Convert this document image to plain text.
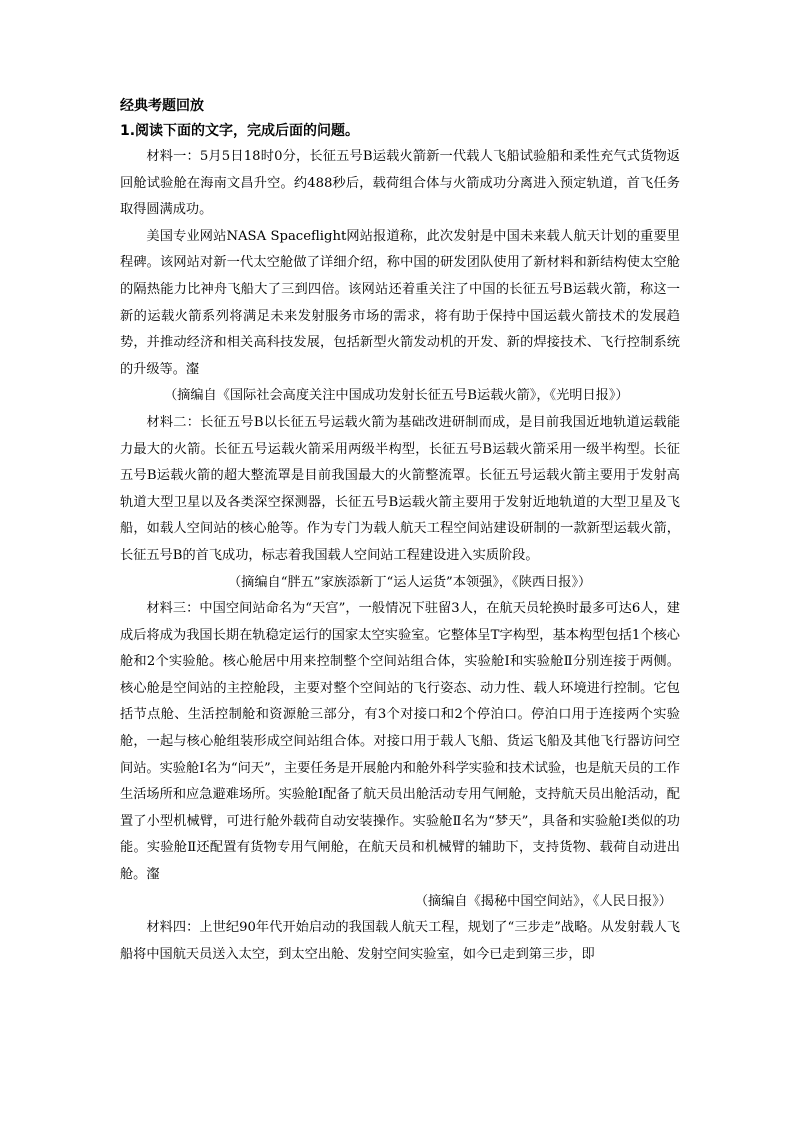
经典考题回放
1.阅读下面的文字，完成后面的问题。

材料一：5月5日18时0分，长征五号B运载火箭新一代载人飞船试验船和柔性充气式货物返回舱试验舱在海南文昌升空。约488秒后，载荷组合体与火箭成功分离进入预定轨道，首飞任务取得圆满成功。

美国专业网站NASA Spaceflight网站报道称，此次发射是中国未来载人航天计划的重要里程碑。该网站对新一代太空舱做了详细介绍，称中国的研发团队使用了新材料和新结构使太空舱的隔热能力比神舟飞船大了三到四倍。该网站还着重关注了中国的长征五号B运载火箭，称这一新的运载火箭系列将满足未来发射服务市场的需求，将有助于保持中国运载火箭技术的发展趋势，并推动经济和相关高科技发展，包括新型火箭发动机的开发、新的焊接技术、飞行控制系统的升级等。瀣

（摘编自《国际社会高度关注中国成功发射长征五号B运载火箭》，《光明日报》）

材料二：长征五号B以长征五号运载火箭为基础改进研制而成，是目前我国近地轨道运载能力最大的火箭。长征五号运载火箭采用两级半构型，长征五号B运载火箭采用一级半构型。长征五号B运载火箭的超大整流罩是目前我国最大的火箭整流罩。长征五号运载火箭主要用于发射高轨道大型卫星以及各类深空探测器，长征五号B运载火箭主要用于发射近地轨道的大型卫星及飞船，如载人空间站的核心舱等。作为专门为载人航天工程空间站建设研制的一款新型运载火箭，长征五号B的首飞成功，标志着我国载人空间站工程建设进入实质阶段。

（摘编自“胖五”家族添新丁“运人运货”本领强》，《陕西日报》）

材料三：中国空间站命名为“天宫”，一般情况下驻留3人，在航天员轮换时最多可达6人，建成后将成为我国长期在轨稳定运行的国家太空实验室。它整体呈T字构型，基本构型包括1个核心舱和2个实验舱。核心舱居中用来控制整个空间站组合体，实验舱Ⅰ和实验舱Ⅱ分别连接于两侧。核心舱是空间站的主控舱段，主要对整个空间站的飞行姿态、动力性、载人环境进行控制。它包括节点舱、生活控制舱和资源舱三部分，有3个对接口和2个停泊口。停泊口用于连接两个实验舱，一起与核心舱组装形成空间站组合体。对接口用于载人飞船、货运飞船及其他飞行器访问空间站。实验舱Ⅰ名为“问天”，主要任务是开展舱内和舱外科学实验和技术试验，也是航天员的工作生活场所和应急避难场所。实验舱Ⅰ配备了航天员出舱活动专用气闸舱，支持航天员出舱活动，配置了小型机械臂，可进行舱外载荷自动安装操作。实验舱Ⅱ名为“梦天”，具备和实验舱Ⅰ类似的功能。实验舱Ⅱ还配置有货物专用气闸舱，在航天员和机械臂的辅助下，支持货物、载荷自动进出舱。瀣

（摘编自《揭秘中国空间站》，《人民日报》）

材料四：上世纪90年代开始启动的我国载人航天工程，规划了“三步走”战略。从发射载人飞船将中国航天员送入太空，到太空出舱、发射空间实验室，如今已走到第三步，即
